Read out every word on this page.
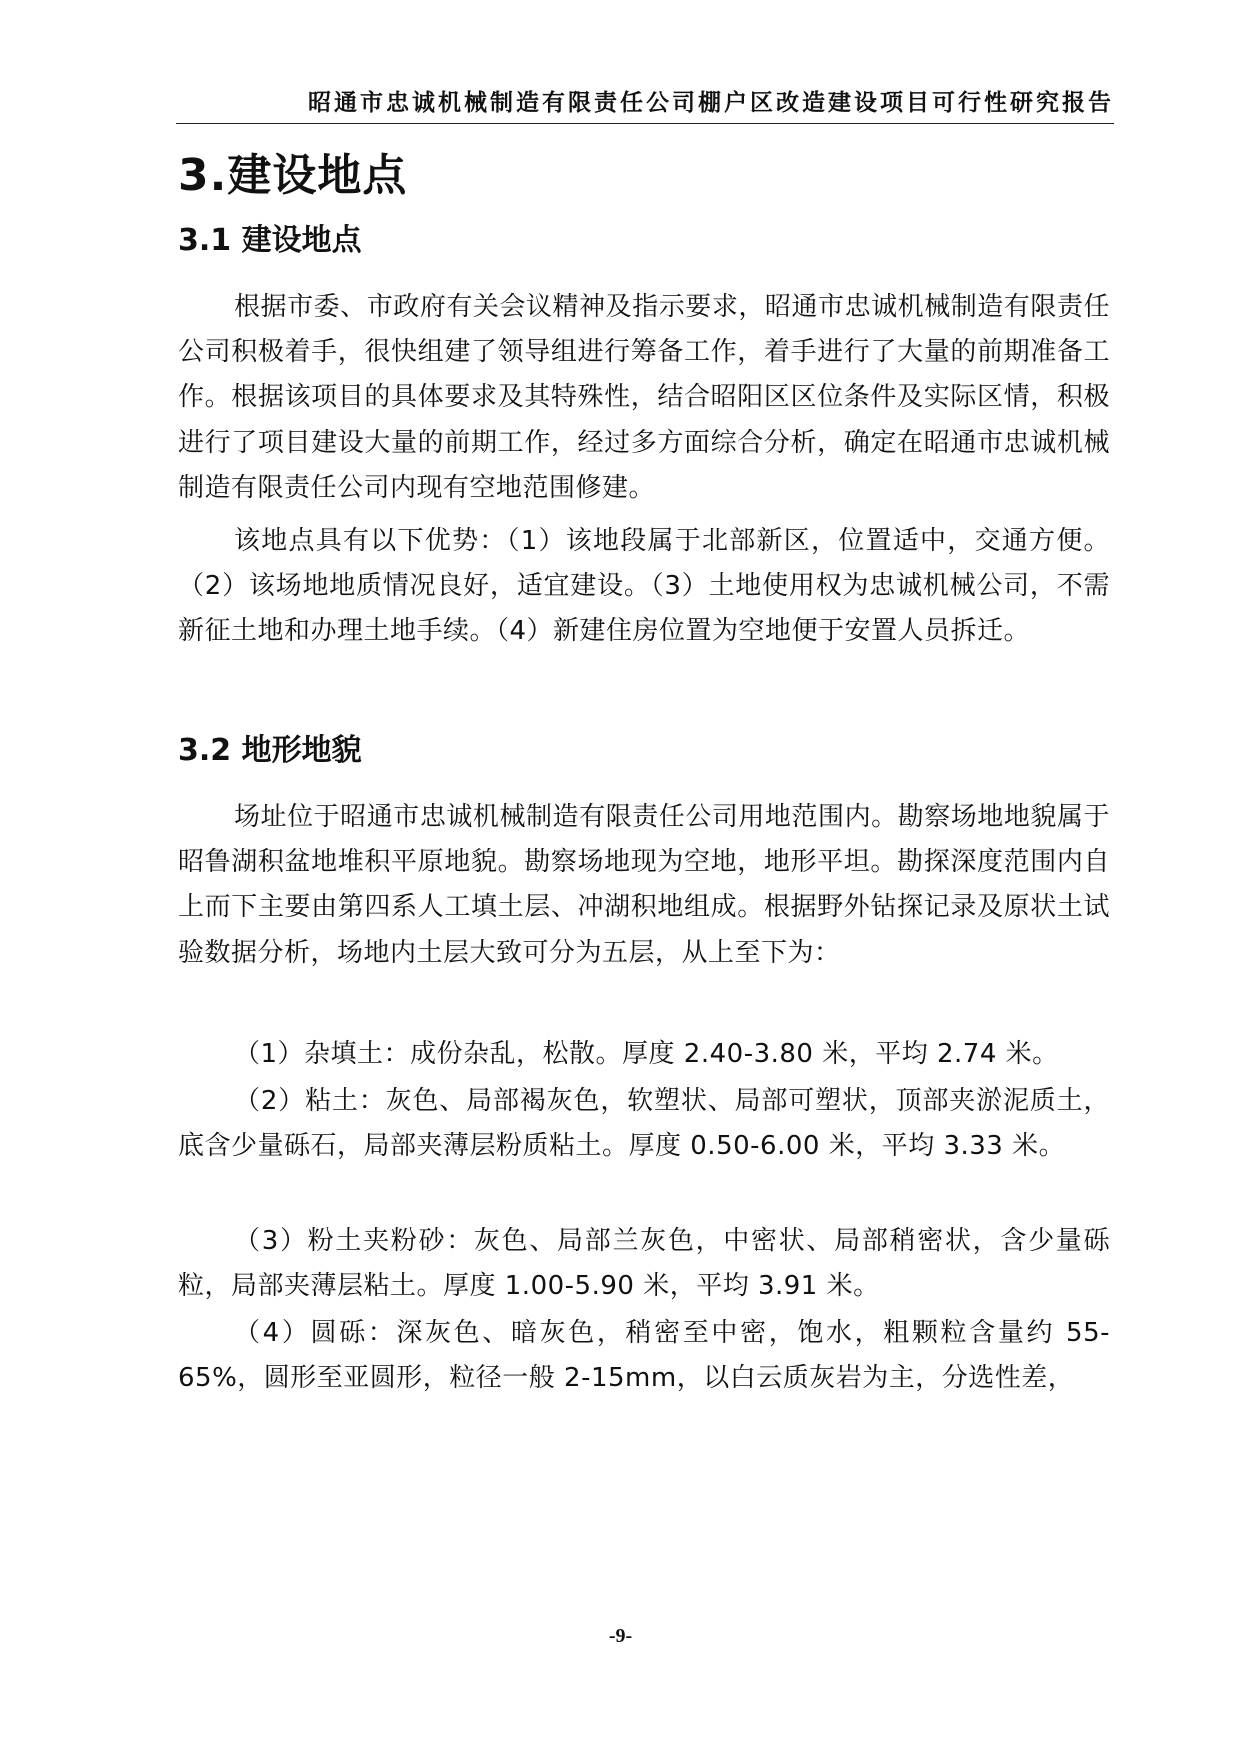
昭通市忠诚机械制造有限责任公司棚户区改造建设项目可行性研究报告
3.建设地点
3.1 建设地点

根据市委、市政府有关会议精神及指示要求，昭通市忠诚机械制造有限责任公司积极着手，很快组建了领导组进行筹备工作，着手进行了大量的前期准备工作。根据该项目的具体要求及其特殊性，结合昭阳区区位条件及实际区情，积极进行了项目建设大量的前期工作，经过多方面综合分析，确定在昭通市忠诚机械制造有限责任公司内现有空地范围修建。

该地点具有以下优势：（1）该地段属于北部新区，位置适中，交通方便。（2）该场地地质情况良好，适宜建设。（3）土地使用权为忠诚机械公司，不需新征土地和办理土地手续。（4）新建住房位置为空地便于安置人员拆迁。

3.2 地形地貌

场址位于昭通市忠诚机械制造有限责任公司用地范围内。勘察场地地貌属于昭鲁湖积盆地堆积平原地貌。勘察场地现为空地，地形平坦。勘探深度范围内自上而下主要由第四系人工填土层、冲湖积地组成。根据野外钻探记录及原状土试验数据分析，场地内土层大致可分为五层，从上至下为：

（1）杂填土：成份杂乱，松散。厚度 2.40-3.80 米，平均 2.74 米。

（2）粘土：灰色、局部褐灰色，软塑状、局部可塑状，顶部夹淤泥质土，底含少量砾石，局部夹薄层粉质粘土。厚度 0.50-6.00 米，平均 3.33 米。

（3）粉土夹粉砂：灰色、局部兰灰色，中密状、局部稍密状，含少量砾粒，局部夹薄层粘土。厚度 1.00-5.90 米，平均 3.91 米。

（4）圆砾：深灰色、暗灰色，稍密至中密，饱水，粗颗粒含量约 55-65%，圆形至亚圆形，粒径一般 2-15mm，以白云质灰岩为主，分选性差，

-9-
